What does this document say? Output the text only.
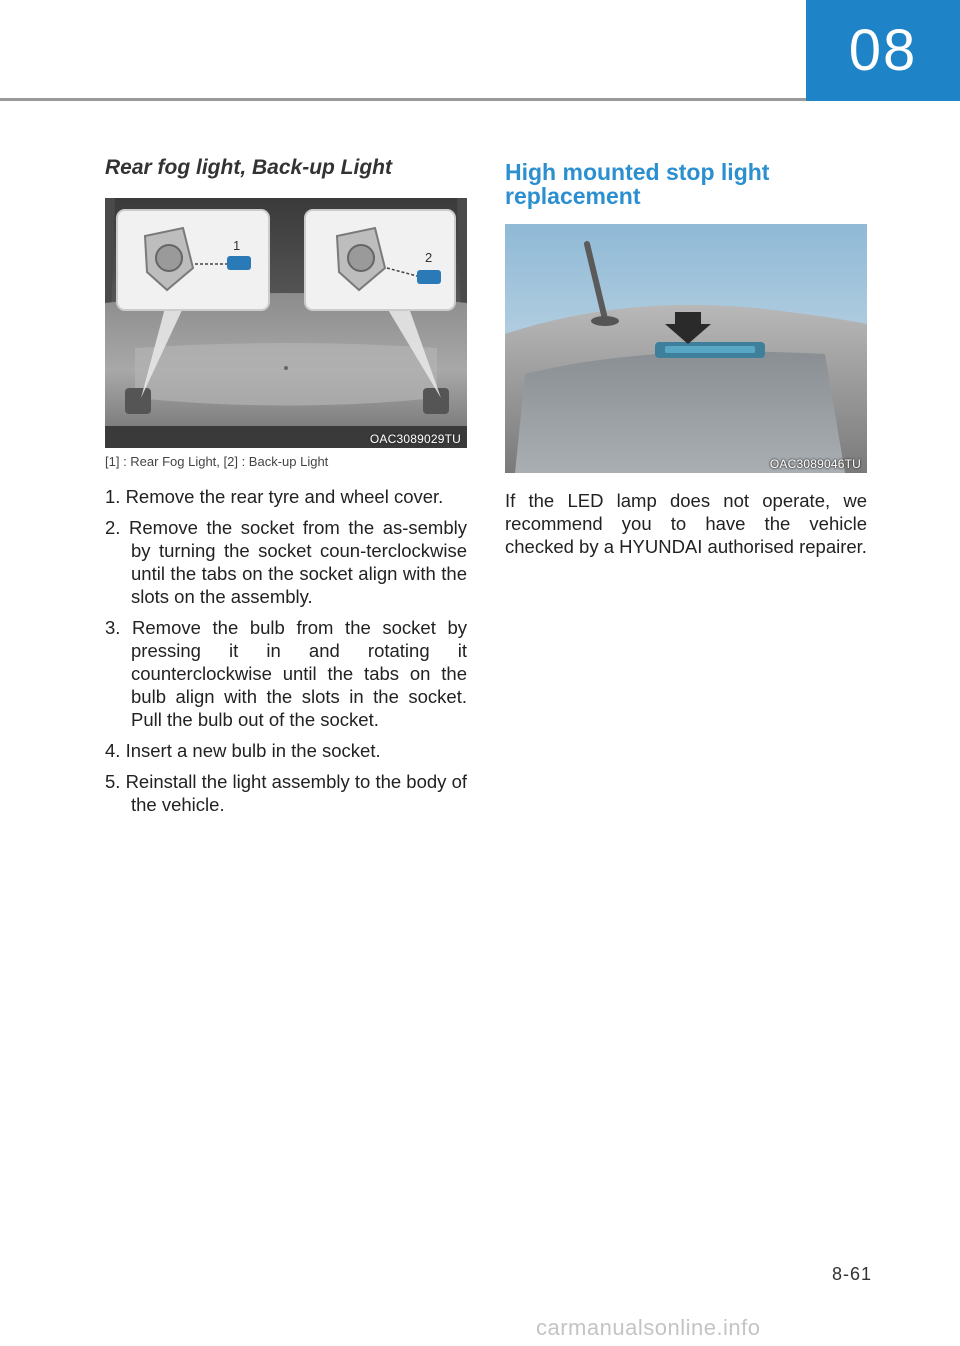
08
Rear fog light, Back-up Light
1
2
OAC3089029TU
[1] : Rear Fog Light, [2] : Back-up Light
1. Remove the rear tyre and wheel cover.
2. Remove the socket from the as-sembly by turning the socket coun-terclockwise until the tabs on the socket align with the slots on the assembly.
3. Remove the bulb from the socket by pressing it in and rotating it counterclockwise until the tabs on the bulb align with the slots in the socket. Pull the bulb out of the socket.
4. Insert a new bulb in the socket.
5. Reinstall the light assembly to the body of the vehicle.
High mounted stop light replacement
OAC3089046TU

If the LED lamp does not operate, we recommend you to have the vehicle checked by a HYUNDAI authorised repairer.

8-61
carmanualsonline.info
